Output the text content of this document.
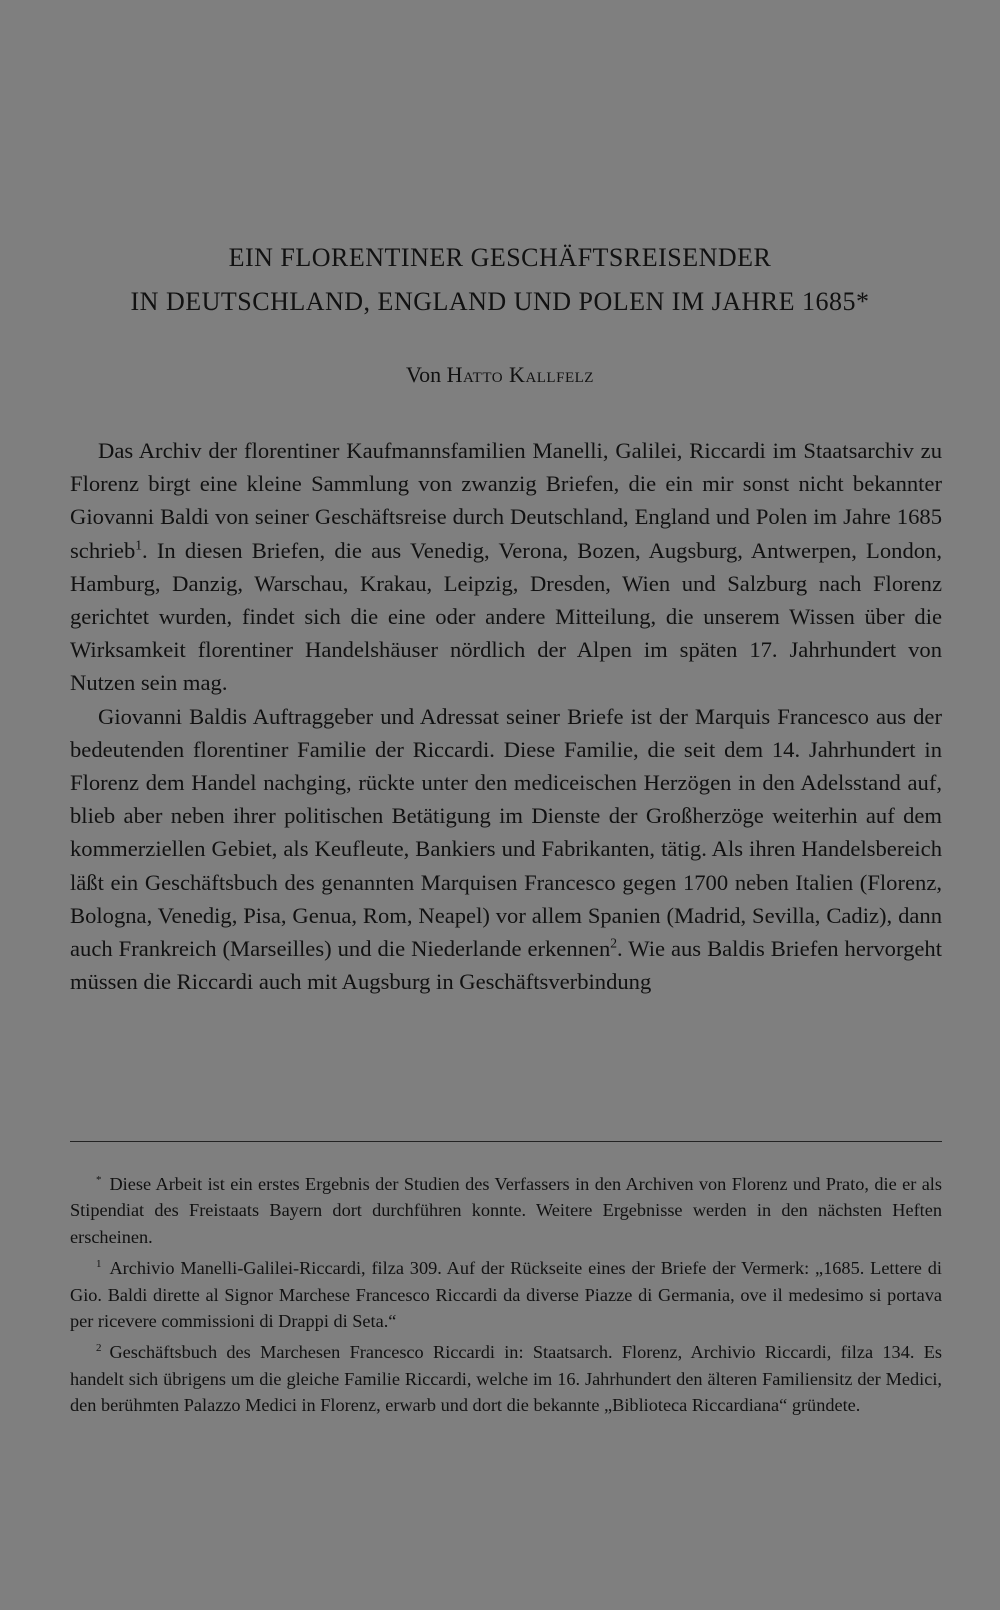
EIN FLORENTINER GESCHÄFTSREISENDER
IN DEUTSCHLAND, ENGLAND UND POLEN IM JAHRE 1685*
Von Hatto Kallfelz

Das Archiv der florentiner Kaufmannsfamilien Manelli, Galilei, Riccardi im Staatsarchiv zu Florenz birgt eine kleine Sammlung von zwanzig Briefen, die ein mir sonst nicht bekannter Giovanni Baldi von seiner Geschäftsreise durch Deutschland, England und Polen im Jahre 1685 schrieb$^1$. In diesen Briefen, die aus Venedig, Verona, Bozen, Augsburg, Antwerpen, London, Hamburg, Danzig, Warschau, Krakau, Leipzig, Dresden, Wien und Salzburg nach Florenz gerichtet wurden, findet sich die eine oder andere Mitteilung, die unserem Wissen über die Wirksamkeit florentiner Handelshäuser nördlich der Alpen im späten 17. Jahrhundert von Nutzen sein mag.

Giovanni Baldis Auftraggeber und Adressat seiner Briefe ist der Marquis Francesco aus der bedeutenden florentiner Familie der Riccardi. Diese Familie, die seit dem 14. Jahrhundert in Florenz dem Handel nachging, rückte unter den mediceischen Herzögen in den Adelsstand auf, blieb aber neben ihrer politischen Betätigung im Dienste der Großherzöge weiterhin auf dem kommerziellen Gebiet, als Keufleute, Bankiers und Fabrikanten, tätig. Als ihren Handelsbereich läßt ein Geschäftsbuch des genannten Marquisen Francesco gegen 1700 neben Italien (Florenz, Bologna, Venedig, Pisa, Genua, Rom, Neapel) vor allem Spanien (Madrid, Sevilla, Cadiz), dann auch Frankreich (Marseilles) und die Niederlande erkennen$^2$. Wie aus Baldis Briefen hervorgeht müssen die Riccardi auch mit Augsburg in Geschäftsverbindung

* Diese Arbeit ist ein erstes Ergebnis der Studien des Verfassers in den Archiven von Florenz und Prato, die er als Stipendiat des Freistaats Bayern dort durchführen konnte. Weitere Ergebnisse werden in den nächsten Heften erscheinen.

$^1$ Archivio Manelli-Galilei-Riccardi, filza 309. Auf der Rückseite eines der Briefe der Vermerk: „1685. Lettere di Gio. Baldi dirette al Signor Marchese Francesco Riccardi da diverse Piazze di Germania, ove il medesimo si portava per ricevere commissioni di Drappi di Seta.“

$^2$ Geschäftsbuch des Marchesen Francesco Riccardi in: Staatsarch. Florenz, Archivio Riccardi, filza 134. Es handelt sich übrigens um die gleiche Familie Riccardi, welche im 16. Jahrhundert den älteren Familiensitz der Medici, den berühmten Palazzo Medici in Florenz, erwarb und dort die bekannte „Biblioteca Riccardiana“ gründete.
